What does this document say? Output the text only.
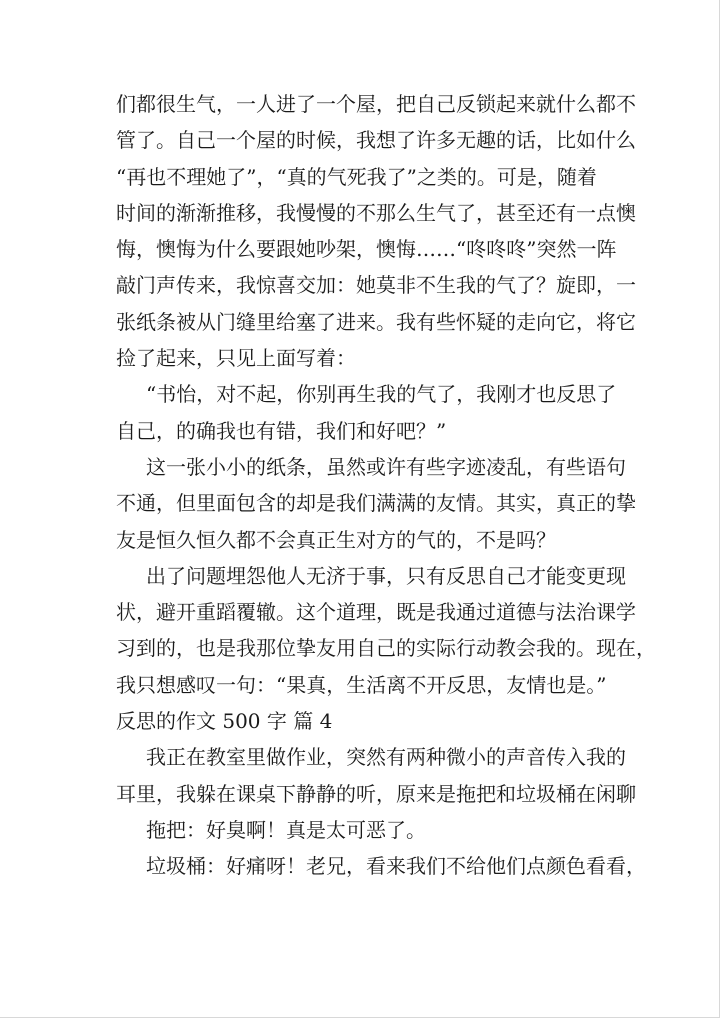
们都很生气，一人进了一个屋，把自己反锁起来就什么都不
管了。自己一个屋的时候，我想了许多无趣的话，比如什么
“再也不理她了”，“真的气死我了”之类的。可是，随着
时间的渐渐推移，我慢慢的不那么生气了，甚至还有一点懊
悔，懊悔为什么要跟她吵架，懊悔……“咚咚咚”突然一阵
敲门声传来，我惊喜交加：她莫非不生我的气了？旋即，一
张纸条被从门缝里给塞了进来。我有些怀疑的走向它，将它
捡了起来，只见上面写着：
“书怡，对不起，你别再生我的气了，我刚才也反思了
自己，的确我也有错，我们和好吧？”
这一张小小的纸条，虽然或许有些字迹凌乱，有些语句
不通，但里面包含的却是我们满满的友情。其实，真正的挚
友是恒久恒久都不会真正生对方的气的，不是吗？
出了问题埋怨他人无济于事，只有反思自己才能变更现
状，避开重蹈覆辙。这个道理，既是我通过道德与法治课学
习到的，也是我那位挚友用自己的实际行动教会我的。现在，
我只想感叹一句：“果真，生活离不开反思，友情也是。”
反思的作文 500 字 篇 4
我正在教室里做作业，突然有两种微小的声音传入我的
耳里，我躲在课桌下静静的听，原来是拖把和垃圾桶在闲聊
拖把：好臭啊！真是太可恶了。
垃圾桶：好痛呀！老兄，看来我们不给他们点颜色看看，
